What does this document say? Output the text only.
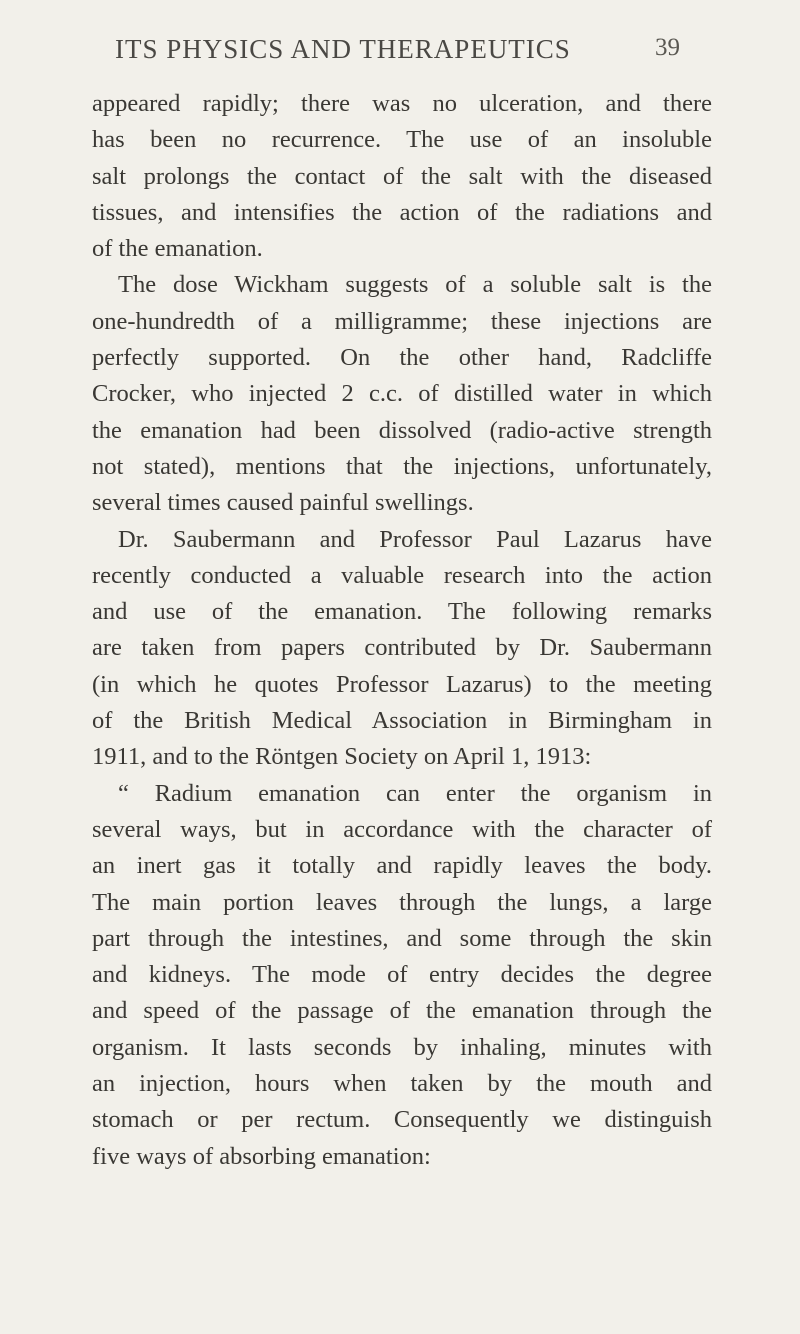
ITS PHYSICS AND THERAPEUTICS	39
appeared rapidly; there was no ulceration, and there
has been no recurrence. The use of an insoluble
salt prolongs the contact of the salt with the diseased
tissues, and intensifies the action of the radiations and
of the emanation.
The dose Wickham suggests of a soluble salt is the
one-hundredth of a milligramme; these injections are
perfectly supported. On the other hand, Radcliffe
Crocker, who injected 2 c.c. of distilled water in which
the emanation had been dissolved (radio-active strength
not stated), mentions that the injections, unfortunately,
several times caused painful swellings.
Dr. Saubermann and Professor Paul Lazarus have
recently conducted a valuable research into the action
and use of the emanation. The following remarks
are taken from papers contributed by Dr. Saubermann
(in which he quotes Professor Lazarus) to the meeting
of the British Medical Association in Birmingham in
1911, and to the Röntgen Society on April 1, 1913:
“ Radium emanation can enter the organism in
several ways, but in accordance with the character of
an inert gas it totally and rapidly leaves the body.
The main portion leaves through the lungs, a large
part through the intestines, and some through the skin
and kidneys. The mode of entry decides the degree
and speed of the passage of the emanation through the
organism. It lasts seconds by inhaling, minutes with
an injection, hours when taken by the mouth and
stomach or per rectum. Consequently we distinguish
five ways of absorbing emanation:
